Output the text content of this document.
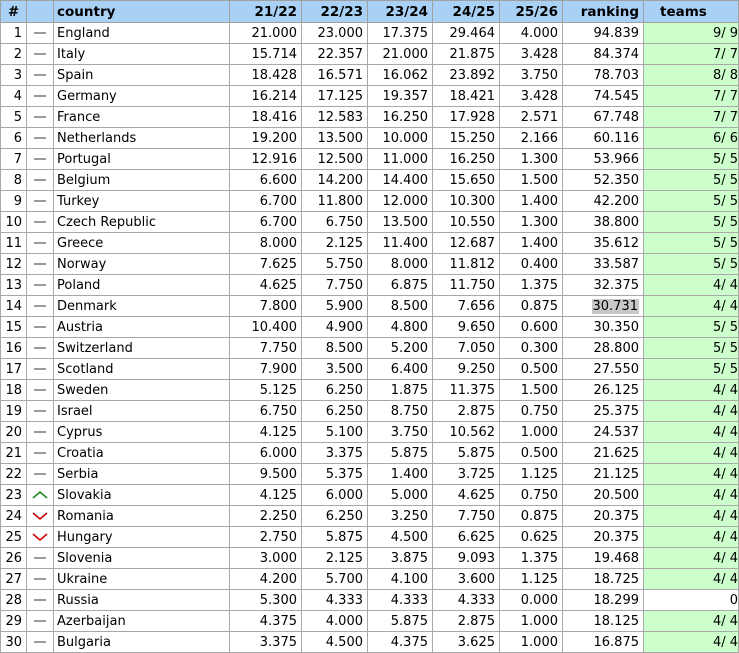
#		country	21/22	22/23	23/24	24/25	25/26	ranking	teams
1		England	21.000	23.000	17.375	29.464	4.000	94.839	9/ 9
2		Italy	15.714	22.357	21.000	21.875	3.428	84.374	7/ 7
3		Spain	18.428	16.571	16.062	23.892	3.750	78.703	8/ 8
4		Germany	16.214	17.125	19.357	18.421	3.428	74.545	7/ 7
5		France	18.416	12.583	16.250	17.928	2.571	67.748	7/ 7
6		Netherlands	19.200	13.500	10.000	15.250	2.166	60.116	6/ 6
7		Portugal	12.916	12.500	11.000	16.250	1.300	53.966	5/ 5
8		Belgium	6.600	14.200	14.400	15.650	1.500	52.350	5/ 5
9		Turkey	6.700	11.800	12.000	10.300	1.400	42.200	5/ 5
10		Czech Republic	6.700	6.750	13.500	10.550	1.300	38.800	5/ 5
11		Greece	8.000	2.125	11.400	12.687	1.400	35.612	5/ 5
12		Norway	7.625	5.750	8.000	11.812	0.400	33.587	5/ 5
13		Poland	4.625	7.750	6.875	11.750	1.375	32.375	4/ 4
14		Denmark	7.800	5.900	8.500	7.656	0.875	30.731	4/ 4
15		Austria	10.400	4.900	4.800	9.650	0.600	30.350	5/ 5
16		Switzerland	7.750	8.500	5.200	7.050	0.300	28.800	5/ 5
17		Scotland	7.900	3.500	6.400	9.250	0.500	27.550	5/ 5
18		Sweden	5.125	6.250	1.875	11.375	1.500	26.125	4/ 4
19		Israel	6.750	6.250	8.750	2.875	0.750	25.375	4/ 4
20		Cyprus	4.125	5.100	3.750	10.562	1.000	24.537	4/ 4
21		Croatia	6.000	3.375	5.875	5.875	0.500	21.625	4/ 4
22		Serbia	9.500	5.375	1.400	3.725	1.125	21.125	4/ 4
23		Slovakia	4.125	6.000	5.000	4.625	0.750	20.500	4/ 4
24		Romania	2.250	6.250	3.250	7.750	0.875	20.375	4/ 4
25		Hungary	2.750	5.875	4.500	6.625	0.625	20.375	4/ 4
26		Slovenia	3.000	2.125	3.875	9.093	1.375	19.468	4/ 4
27		Ukraine	4.200	5.700	4.100	3.600	1.125	18.725	4/ 4
28		Russia	5.300	4.333	4.333	4.333	0.000	18.299	0
29		Azerbaijan	4.375	4.000	5.875	2.875	1.000	18.125	4/ 4
30		Bulgaria	3.375	4.500	4.375	3.625	1.000	16.875	4/ 4
